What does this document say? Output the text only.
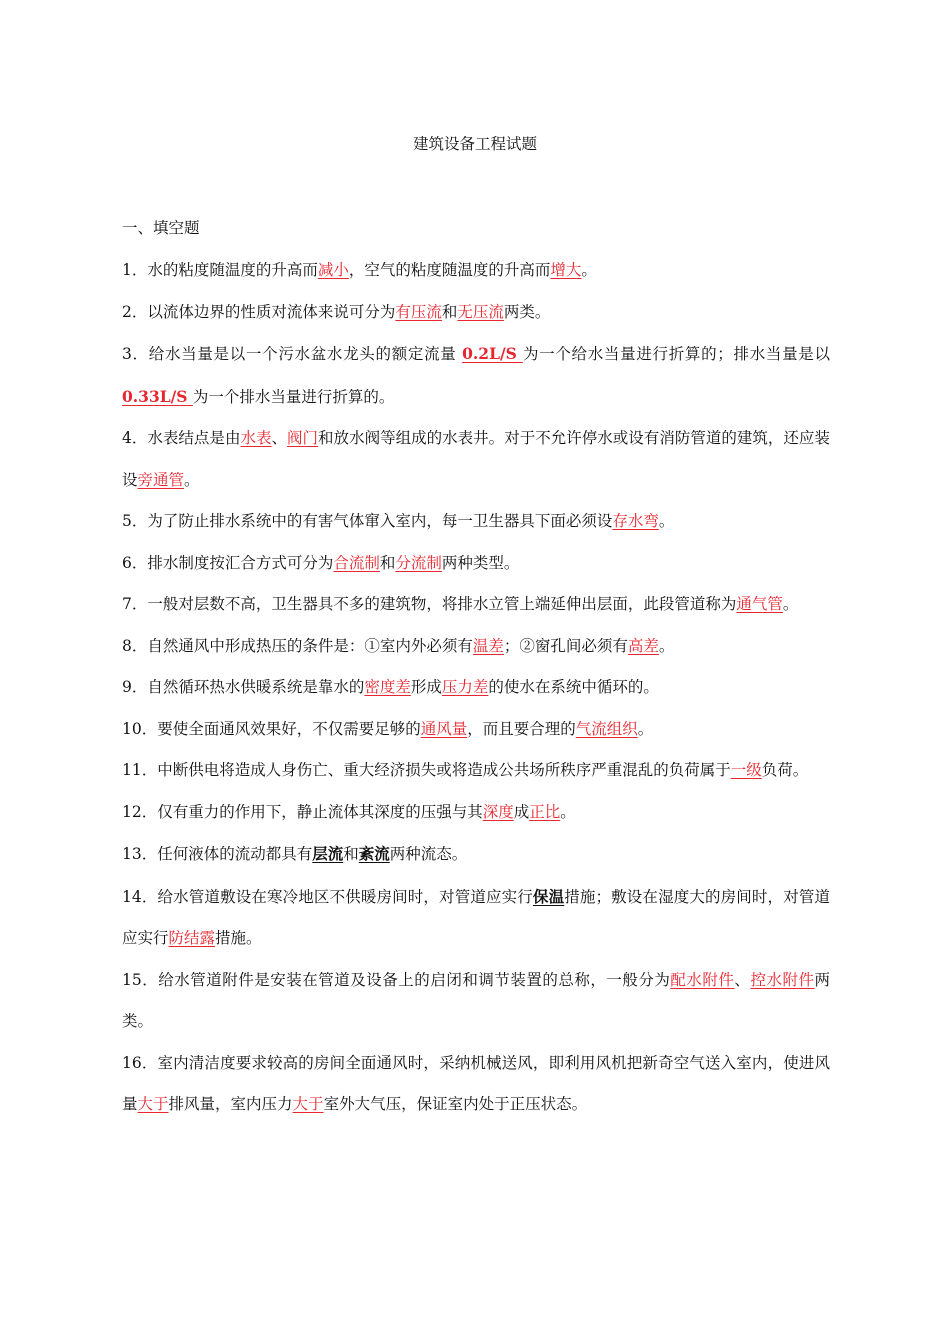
建筑设备工程试题
一、填空题

1．水的粘度随温度的升高而减小，空气的粘度随温度的升高而增大。

2．以流体边界的性质对流体来说可分为有压流和无压流两类。

3．给水当量是以一个污水盆水龙头的额定流量 0.2L/S 为一个给水当量进行折算的；排水当量是以 0.33L/S 为一个排水当量进行折算的。

4．水表结点是由水表、阀门和放水阀等组成的水表井。对于不允许停水或设有消防管道的建筑，还应装设旁通管。

5．为了防止排水系统中的有害气体窜入室内，每一卫生器具下面必须设存水弯。

6．排水制度按汇合方式可分为合流制和分流制两种类型。

7．一般对层数不高，卫生器具不多的建筑物，将排水立管上端延伸出层面，此段管道称为通气管。

8．自然通风中形成热压的条件是：①室内外必须有温差；②窗孔间必须有高差。

9．自然循环热水供暖系统是靠水的密度差形成压力差的使水在系统中循环的。

10．要使全面通风效果好，不仅需要足够的通风量，而且要合理的气流组织。

11．中断供电将造成人身伤亡、重大经济损失或将造成公共场所秩序严重混乱的负荷属于一级负荷。

12．仅有重力的作用下，静止流体其深度的压强与其深度成正比。

13．任何液体的流动都具有层流和紊流两种流态。

14．给水管道敷设在寒冷地区不供暖房间时，对管道应实行保温措施；敷设在湿度大的房间时，对管道应实行防结露措施。

15．给水管道附件是安装在管道及设备上的启闭和调节装置的总称，一般分为配水附件、控水附件两类。

16．室内清洁度要求较高的房间全面通风时，采纳机械送风，即利用风机把新奇空气送入室内，使进风量大于排风量，室内压力大于室外大气压，保证室内处于正压状态。
